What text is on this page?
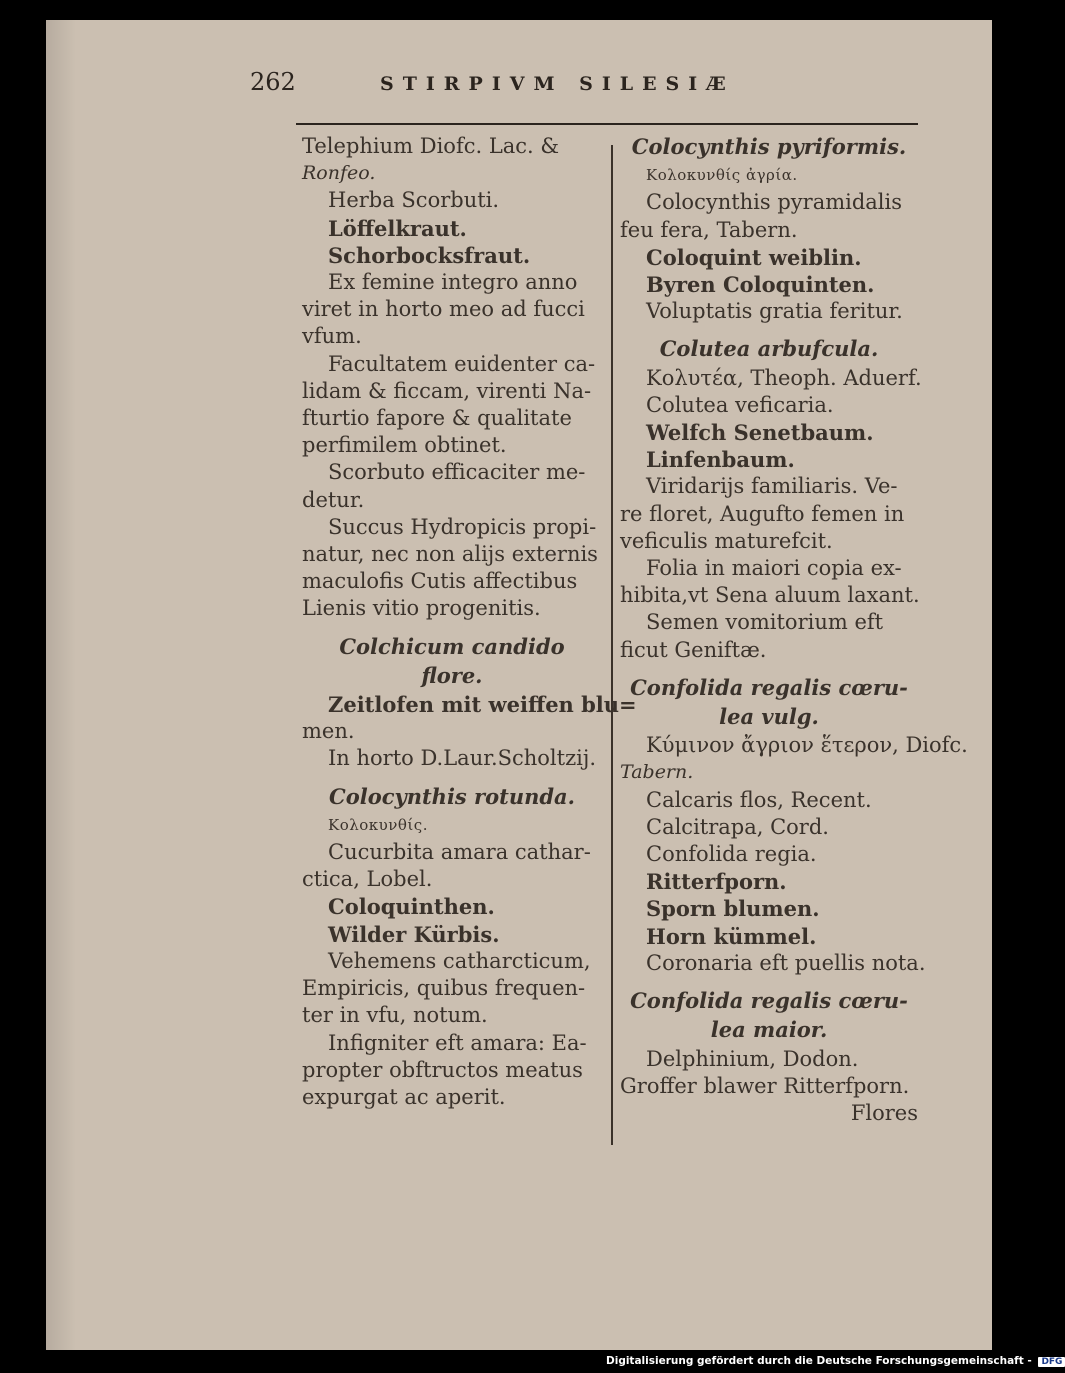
262	STIRPIVM SILESIÆ
Telephium Diofc. Lac. &
Ronfeo.
Herba Scorbuti.
Löffelkraut.
Schorbocksfraut.
Ex femine integro anno
viret in horto meo ad fucci
vfum.
Facultatem euidenter ca-
lidam & ficcam, virenti Na-
fturtio fapore & qualitate
perfimilem obtinet.
Scorbuto efficaciter me-
detur.
Succus Hydropicis propi-
natur, nec non alijs externis
maculofis Cutis affectibus
Lienis vitio progenitis.
Colchicum candido
flore.
Zeitlofen mit weiffen blu=
men.
In horto D.Laur.Scholtzij.
Colocynthis rotunda.
Κολοκυνθίς.
Cucurbita amara cathar-
ctica, Lobel.
Coloquinthen.
Wilder Kürbis.
Vehemens catharcticum,
Empiricis, quibus frequen-
ter in vfu, notum.
Infigniter eft amara: Ea-
propter obftructos meatus
expurgat ac aperit.
Colocynthis pyriformis.
Κολοκυνθίς ἀγρία.
Colocynthis pyramidalis
feu fera, Tabern.
Coloquint weiblin.
Byren Coloquinten.
Voluptatis gratia feritur.
Colutea arbufcula.
Κολυτέα, Theoph. Aduerf.
Colutea veficaria.
Welfch Senetbaum.
Linfenbaum.
Viridarijs familiaris. Ve-
re floret, Augufto femen in
veficulis maturefcit.
Folia in maiori copia ex-
hibita,vt Sena aluum laxant.
Semen vomitorium eft
ficut Geniftæ.
Confolida regalis cœru-
lea vulg.
Κύμινον ἄγριον ἕτερον, Diofc.
Tabern.
Calcaris flos, Recent.
Calcitrapa, Cord.
Confolida regia.
Ritterfporn.
Sporn blumen.
Horn kümmel.
Coronaria eft puellis nota.
Confolida regalis cœru-
lea maior.
Delphinium, Dodon.
Groffer blawer Ritterfporn.
Flores
Digitalisierung gefördert durch die Deutsche Forschungsgemeinschaft - DFG
